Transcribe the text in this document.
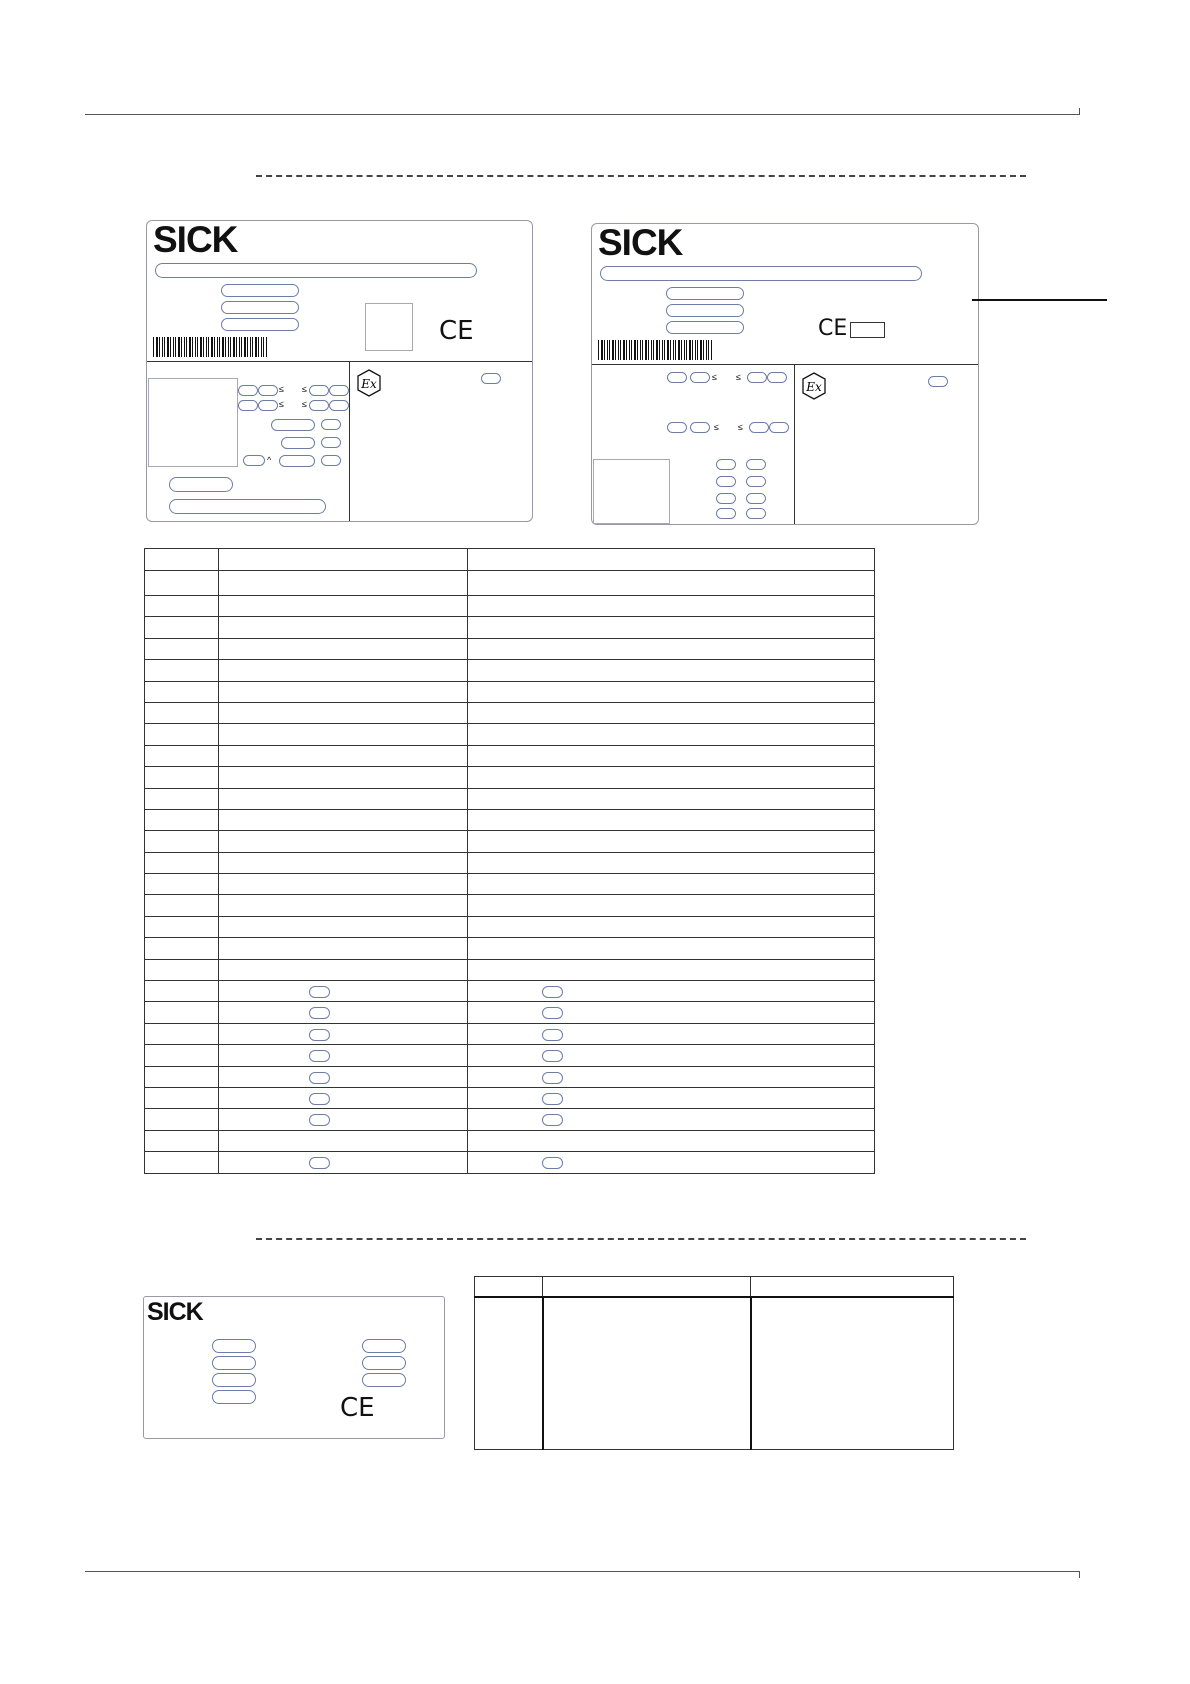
SICK
CE
≤ ≤
≤ ≤
^
Ex
SICK
CE
≤ ≤
≤ ≤
Ex

SICK
CE
